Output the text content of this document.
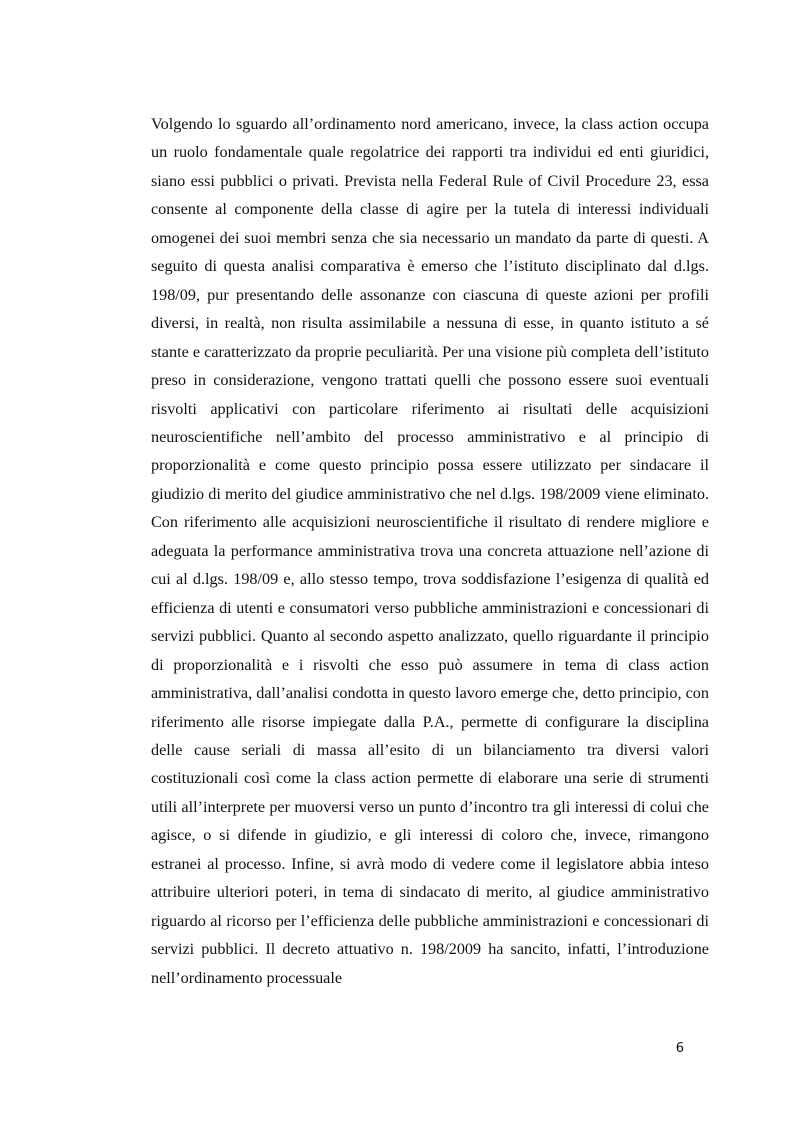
Volgendo lo sguardo all’ordinamento nord americano, invece, la class action occupa un ruolo fondamentale quale regolatrice dei rapporti tra individui ed enti giuridici, siano essi pubblici o privati. Prevista nella Federal Rule of Civil Procedure 23, essa consente al componente della classe di agire per la tutela di interessi individuali omogenei dei suoi membri senza che sia necessario un mandato da parte di questi. A seguito di questa analisi comparativa è emerso che l’istituto disciplinato dal d.lgs. 198/09, pur presentando delle assonanze con ciascuna di queste azioni per profili diversi, in realtà, non risulta assimilabile a nessuna di esse, in quanto istituto a sé stante e caratterizzato da proprie peculiarità. Per una visione più completa dell’istituto preso in considerazione, vengono trattati quelli che possono essere suoi eventuali risvolti applicativi con particolare riferimento ai risultati delle acquisizioni neuroscientifiche nell’ambito del processo amministrativo e al principio di proporzionalità e come questo principio possa essere utilizzato per sindacare il giudizio di merito del giudice amministrativo che nel d.lgs. 198/2009 viene eliminato. Con riferimento alle acquisizioni neuroscientifiche il risultato di rendere migliore e adeguata la performance amministrativa trova una concreta attuazione nell’azione di cui al d.lgs. 198/09 e, allo stesso tempo, trova soddisfazione l’esigenza di qualità ed efficienza di utenti e consumatori verso pubbliche amministrazioni e concessionari di servizi pubblici. Quanto al secondo aspetto analizzato, quello riguardante il principio di proporzionalità e i risvolti che esso può assumere in tema di class action amministrativa, dall’analisi condotta in questo lavoro emerge che, detto principio, con riferimento alle risorse impiegate dalla P.A., permette di configurare la disciplina delle cause seriali di massa all’esito di un bilanciamento tra diversi valori costituzionali così come la class action permette di elaborare una serie di strumenti utili all’interprete per muoversi verso un punto d’incontro tra gli interessi di colui che agisce, o si difende in giudizio, e gli interessi di coloro che, invece, rimangono estranei al processo. Infine, si avrà modo di vedere come il legislatore abbia inteso attribuire ulteriori poteri, in tema di sindacato di merito, al giudice amministrativo riguardo al ricorso per l’efficienza delle pubbliche amministrazioni e concessionari di servizi pubblici. Il decreto attuativo n. 198/2009 ha sancito, infatti, l’introduzione nell’ordinamento processuale

6
